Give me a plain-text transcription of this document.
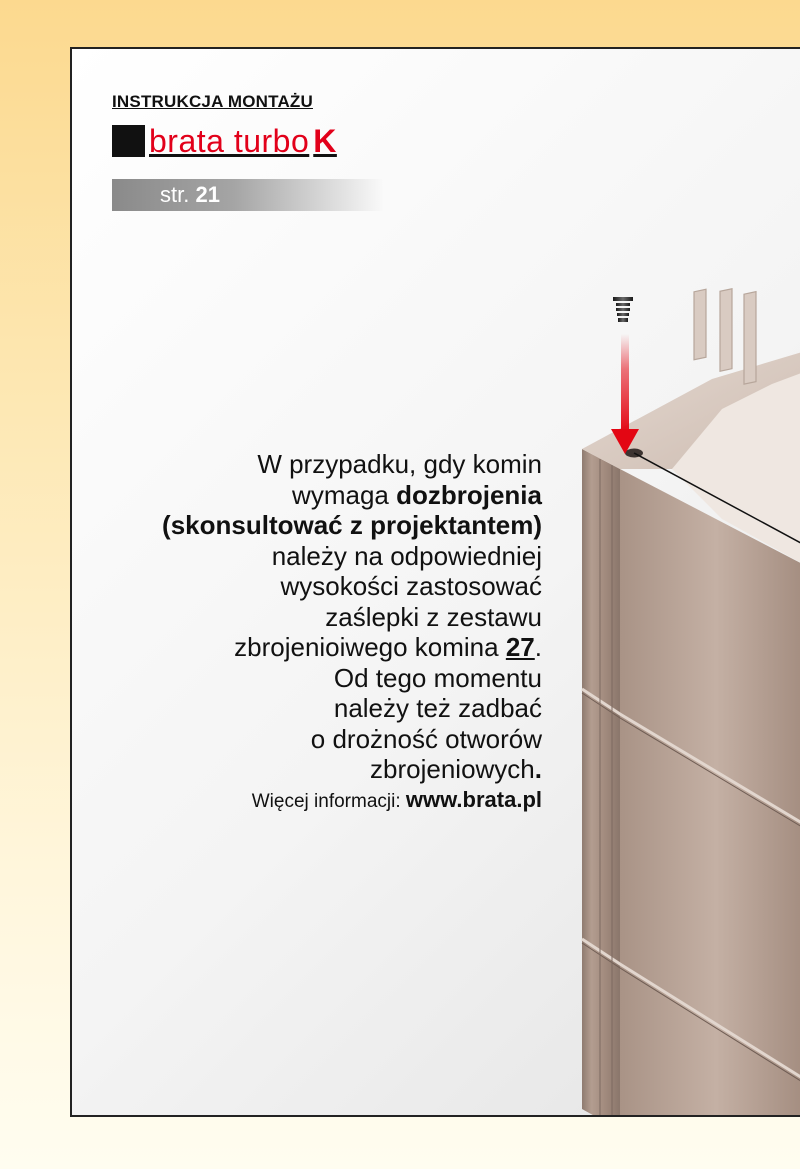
INSTRUKCJA MONTAŻU
brata turbo K
str. 21
W przypadku, gdy komin
wymaga dozbrojenia
(skonsultować z projektantem)
należy na odpowiedniej
wysokości zastosować
zaślepki z zestawu
zbrojenioiwego komina 27.
Od tego momentu
należy też zadbać
o drożność otworów
zbrojeniowych.
Więcej informacji: www.brata.pl
